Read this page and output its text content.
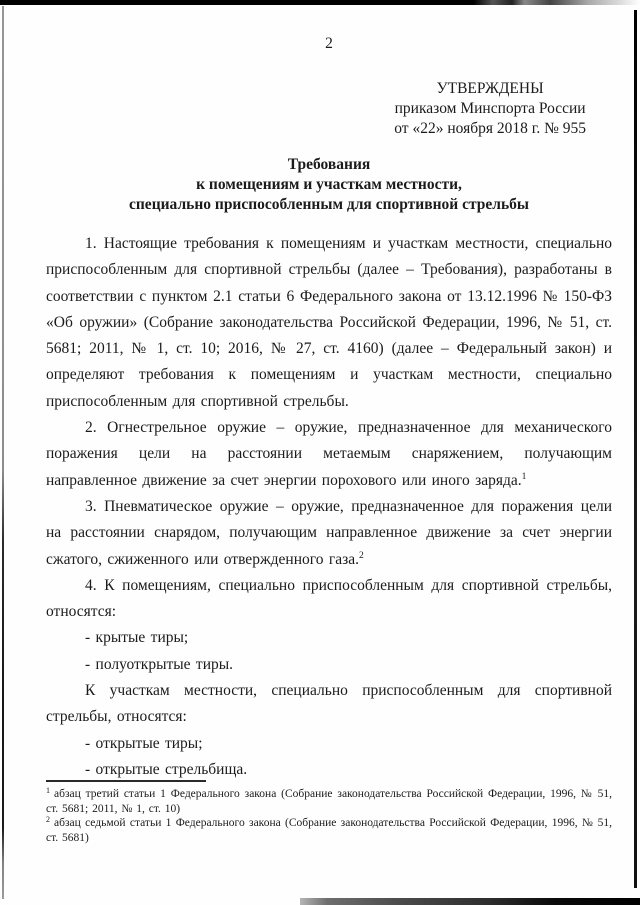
2
УТВЕРЖДЕНЫ
приказом Минспорта России
от «22» ноября 2018 г. № 955
Требования
к помещениям и участкам местности,
специально приспособленным для спортивной стрельбы

1. Настоящие требования к помещениям и участкам местности, специально приспособленным для спортивной стрельбы (далее – Требования), разработаны в соответствии с пунктом 2.1 статьи 6 Федерального закона от 13.12.1996 № 150-ФЗ «Об оружии» (Собрание законодательства Российской Федерации, 1996, № 51, ст. 5681; 2011, № 1, ст. 10; 2016, № 27, ст. 4160) (далее – Федеральный закон) и определяют требования к помещениям и участкам местности, специально приспособленным для спортивной стрельбы.

2. Огнестрельное оружие – оружие, предназначенное для механического поражения цели на расстоянии метаемым снаряжением, получающим направленное движение за счет энергии порохового или иного заряда.$^1$

3. Пневматическое оружие – оружие, предназначенное для поражения цели на расстоянии снарядом, получающим направленное движение за счет энергии сжатого, сжиженного или отвержденного газа.$^2$

4. К помещениям, специально приспособленным для спортивной стрельбы, относятся:

- крытые тиры;

- полуоткрытые тиры.

К участкам местности, специально приспособленным для спортивной стрельбы, относятся:

- открытые тиры;

- открытые стрельбища.

$^1$ абзац третий статьи 1 Федерального закона (Собрание законодательства Российской Федерации, 1996, № 51, ст. 5681; 2011, № 1, ст. 10)
$^2$ абзац седьмой статьи 1 Федерального закона (Собрание законодательства Российской Федерации, 1996, № 51, ст. 5681)
